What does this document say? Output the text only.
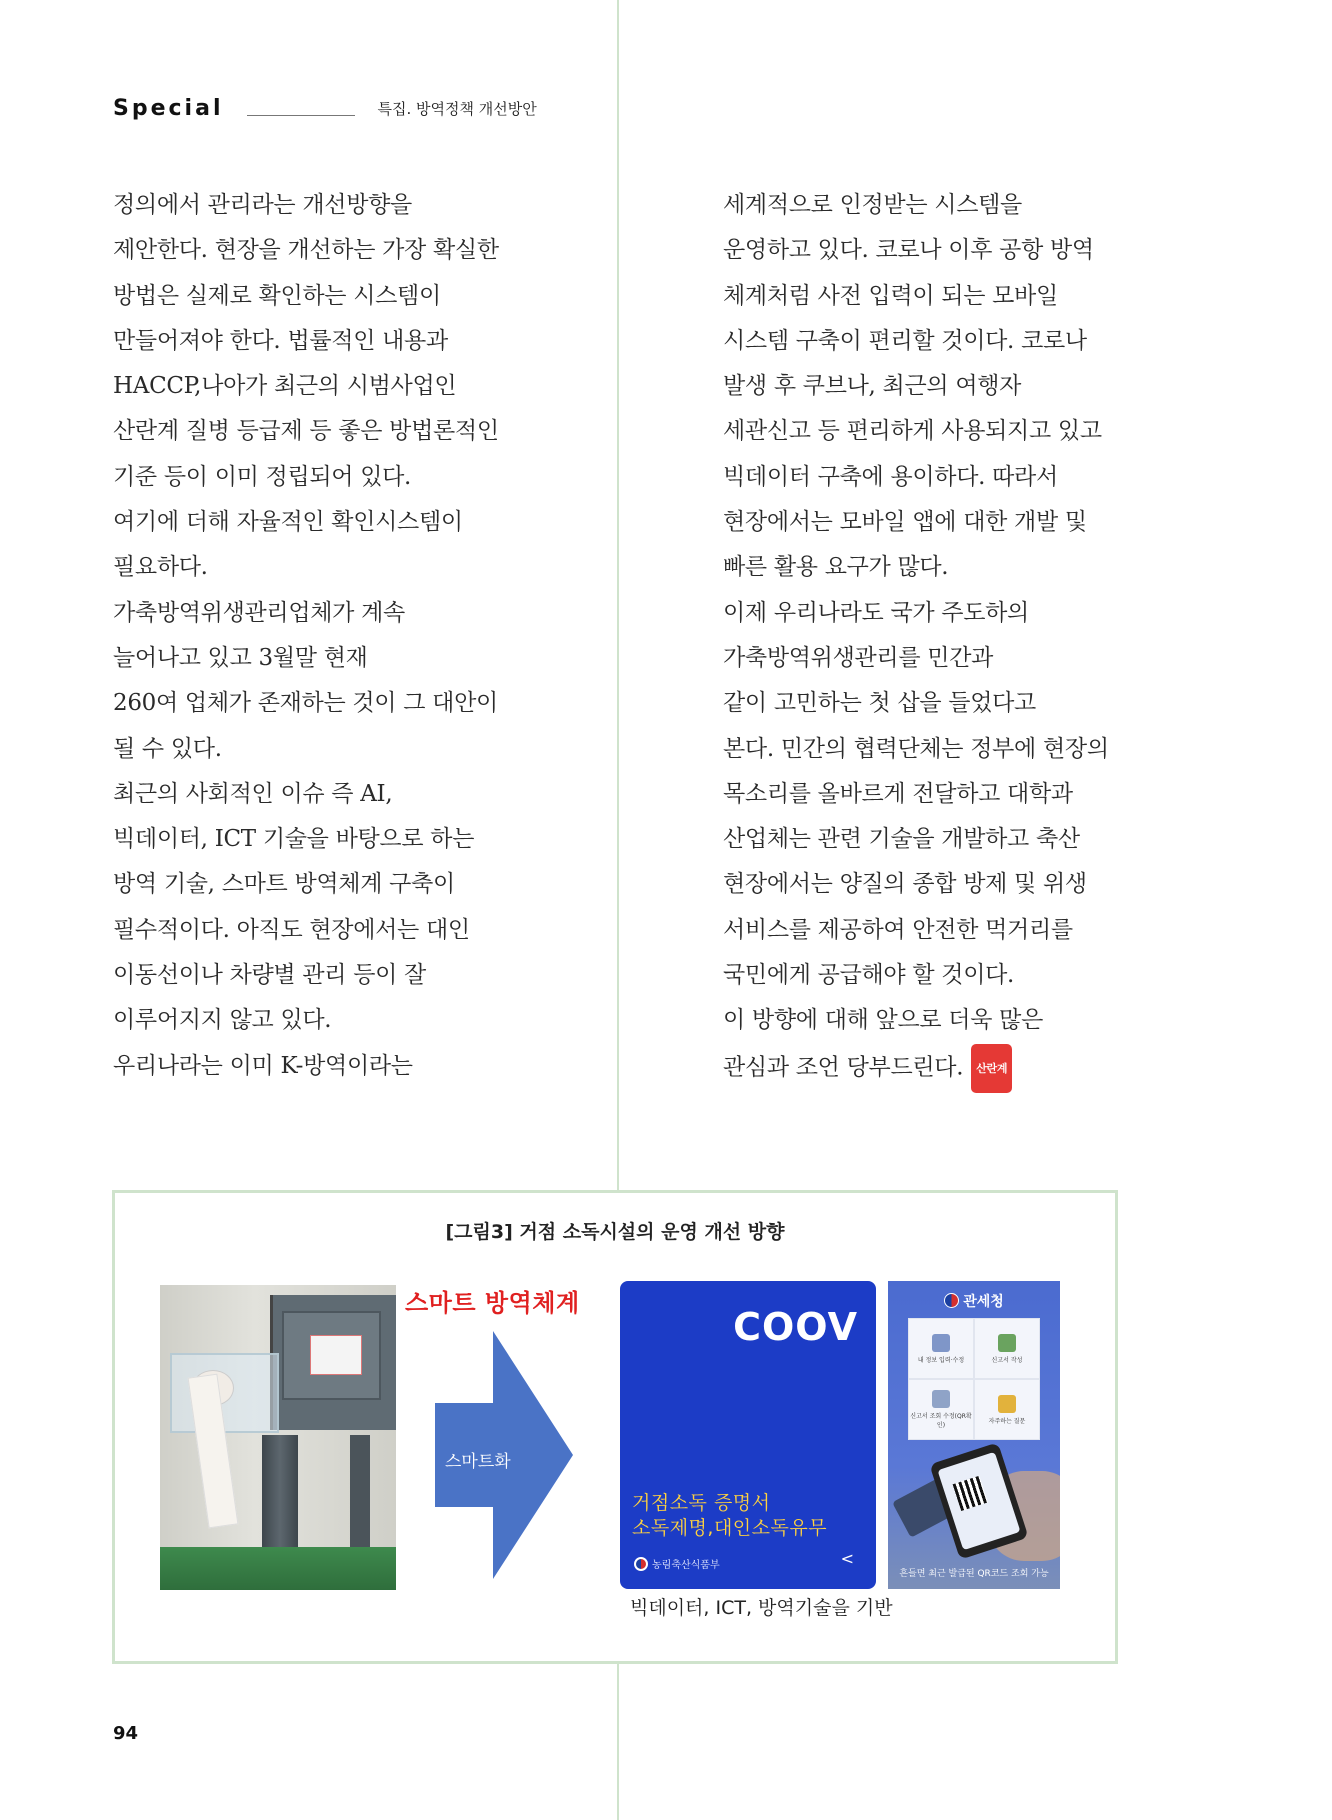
Special	특집. 방역정책 개선방안
정의에서 관리라는 개선방향을
제안한다. 현장을 개선하는 가장 확실한
방법은 실제로 확인하는 시스템이
만들어져야 한다. 법률적인 내용과
HACCP,나아가 최근의 시범사업인
산란계 질병 등급제 등 좋은 방법론적인
기준 등이 이미 정립되어 있다.
여기에 더해 자율적인 확인시스템이
필요하다.
가축방역위생관리업체가 계속
늘어나고 있고 3월말 현재
260여 업체가 존재하는 것이 그 대안이
될 수 있다.
최근의 사회적인 이슈 즉 AI,
빅데이터, ICT 기술을 바탕으로 하는
방역 기술, 스마트 방역체계 구축이
필수적이다. 아직도 현장에서는 대인
이동선이나 차량별 관리 등이 잘
이루어지지 않고 있다.
우리나라는 이미 K-방역이라는
세계적으로 인정받는 시스템을
운영하고 있다. 코로나 이후 공항 방역
체계처럼 사전 입력이 되는 모바일
시스템 구축이 편리할 것이다. 코로나
발생 후 쿠브나, 최근의 여행자
세관신고 등 편리하게 사용되지고 있고
빅데이터 구축에 용이하다. 따라서
현장에서는 모바일 앱에 대한 개발 및
빠른 활용 요구가 많다.
이제 우리나라도 국가 주도하의
가축방역위생관리를 민간과
같이 고민하는 첫 삽을 들었다고
본다. 민간의 협력단체는 정부에 현장의
목소리를 올바르게 전달하고 대학과
산업체는 관련 기술을 개발하고 축산
현장에서는 양질의 종합 방제 및 위생
서비스를 제공하여 안전한 먹거리를
국민에게 공급해야 할 것이다.
이 방향에 대해 앞으로 더욱 많은
관심과 조언 당부드린다. 산란계
[그림3] 거점 소독시설의 운영 개선 방향
스마트 방역체계
스마트화
COOV
거점소독 증명서
소독제명,대인소독유무
농림축산식품부	<
관세청
내 정보 입력·수정	신고서 작성
신고서 조회 수정(QR확인)
자주하는 질문
흔들면 최근 발급된 QR코드 조회 가능
빅데이터, ICT, 방역기술을 기반
94
